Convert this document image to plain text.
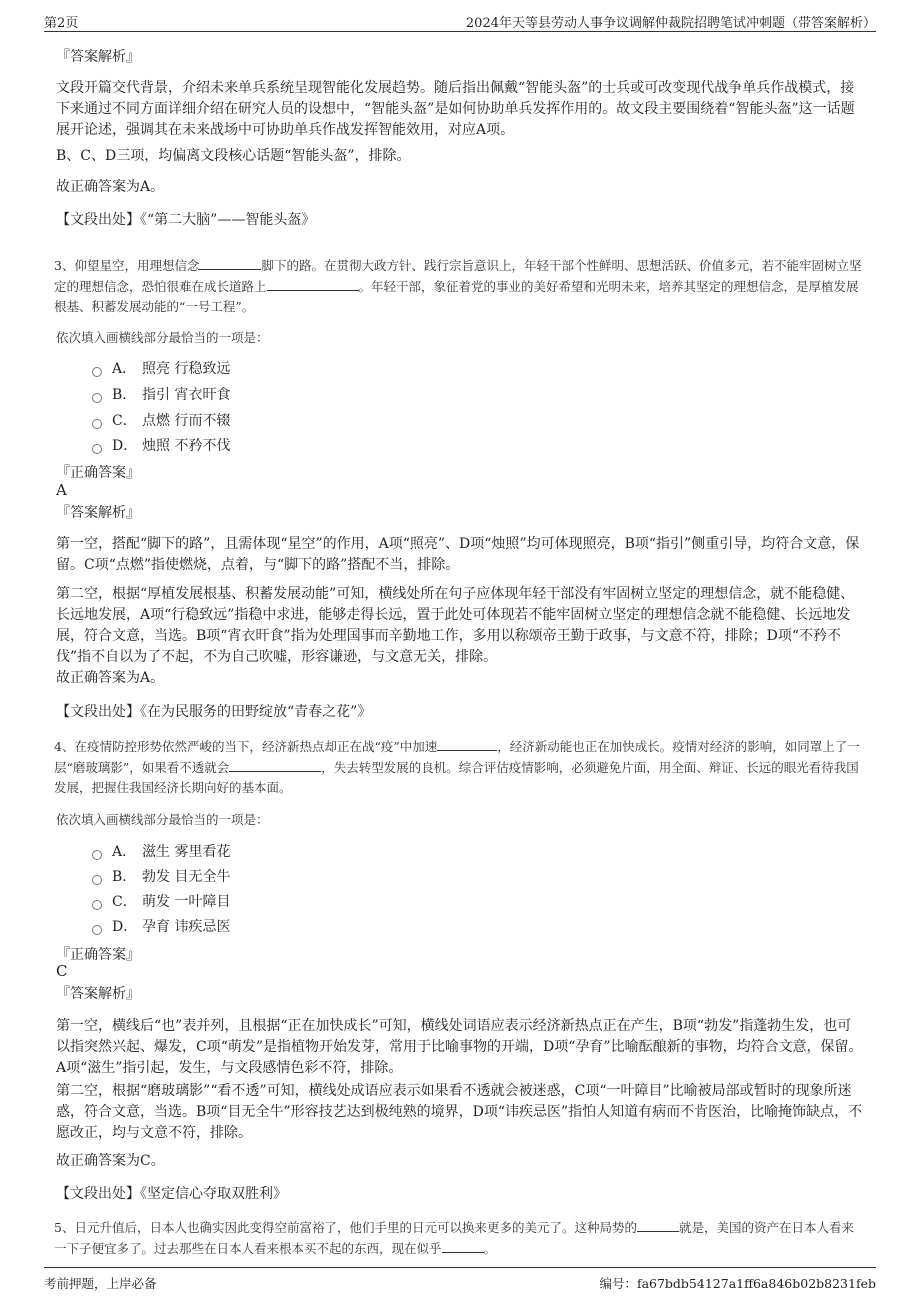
第2页	2024年天等县劳动人事争议调解仲裁院招聘笔试冲刺题（带答案解析）
『答案解析』
文段开篇交代背景，介绍未来单兵系统呈现智能化发展趋势。随后指出佩戴“智能头盔”的士兵或可改变现代战争单兵作战模式，接下来通过不同方面详细介绍在研究人员的设想中，“智能头盔”是如何协助单兵发挥作用的。故文段主要围绕着“智能头盔”这一话题展开论述，强调其在未来战场中可协助单兵作战发挥智能效用，对应A项。
B、C、D三项，均偏离文段核心话题“智能头盔”，排除。
故正确答案为A。
【文段出处】《“第二大脑”——智能头盔》
3、仰望星空，用理想信念	脚下的路。在贯彻大政方针、践行宗旨意识上，年轻干部个性鲜明、思想活跃、价值多元，若不能牢固树立坚定的理想信念，恐怕很难在成长道路上	。年轻干部，象征着党的事业的美好希望和光明未来，培养其坚定的理想信念，是厚植发展根基、积蓄发展动能的“一号工程”。
依次填入画横线部分最恰当的一项是：
A． 照亮 行稳致远
B． 指引 宵衣旰食
C． 点燃 行而不辍
D． 烛照 不矜不伐
『正确答案』
A
『答案解析』
第一空，搭配“脚下的路”，且需体现“星空”的作用，A项“照亮”、D项“烛照”均可体现照亮，B项“指引”侧重引导，均符合文意，保留。C项“点燃”指使燃烧，点着，与“脚下的路”搭配不当，排除。
第二空，根据“厚植发展根基、积蓄发展动能”可知，横线处所在句子应体现年轻干部没有牢固树立坚定的理想信念，就不能稳健、长远地发展，A项“行稳致远”指稳中求进，能够走得长远，置于此处可体现若不能牢固树立坚定的理想信念就不能稳健、长远地发展，符合文意，当选。B项“宵衣旰食”指为处理国事而辛勤地工作，多用以称颂帝王勤于政事，与文意不符，排除；D项“不矜不伐”指不自以为了不起，不为自己吹嘘，形容谦逊，与文意无关，排除。
故正确答案为A。
【文段出处】《在为民服务的田野绽放“青春之花”》
4、在疫情防控形势依然严峻的当下，经济新热点却正在战“疫”中加速	，经济新动能也正在加快成长。疫情对经济的影响，如同罩上了一层“磨玻璃影”，如果看不透就会	，失去转型发展的良机。综合评估疫情影响，必须避免片面，用全面、辩证、长远的眼光看待我国发展，把握住我国经济长期向好的基本面。
依次填入画横线部分最恰当的一项是：
A． 滋生 雾里看花
B． 勃发 目无全牛
C． 萌发 一叶障目
D． 孕育 讳疾忌医
『正确答案』
C
『答案解析』
第一空，横线后“也”表并列，且根据“正在加快成长”可知，横线处词语应表示经济新热点正在产生，B项“勃发”指蓬勃生发，也可以指突然兴起、爆发，C项“萌发”是指植物开始发芽，常用于比喻事物的开端，D项“孕育”比喻酝酿新的事物，均符合文意，保留。A项“滋生”指引起，发生，与文段感情色彩不符，排除。
第二空，根据“磨玻璃影”“看不透”可知，横线处成语应表示如果看不透就会被迷惑，C项“一叶障目”比喻被局部或暂时的现象所迷惑，符合文意，当选。B项“目无全牛”形容技艺达到极纯熟的境界，D项“讳疾忌医”指怕人知道有病而不肯医治，比喻掩饰缺点，不愿改正，均与文意不符，排除。
故正确答案为C。
【文段出处】《坚定信心夺取双胜利》
5、日元升值后，日本人也确实因此变得空前富裕了，他们手里的日元可以换来更多的美元了。这种局势的	就是，美国的资产在日本人看来一下子便宜多了。过去那些在日本人看来根本买不起的东西，现在似乎	。
考前押题，上岸必备	编号：fa67bdb54127a1ff6a846b02b8231feb
